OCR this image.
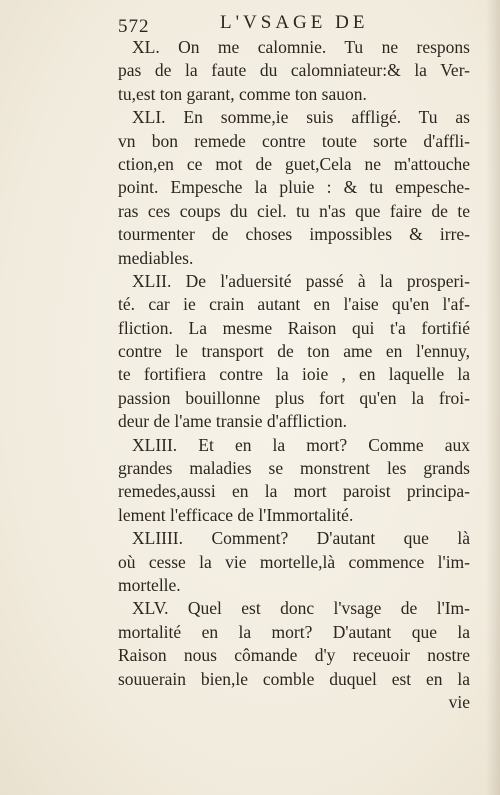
572	L'VSAGE DE
XL. On me calomnie. Tu ne respons
pas de la faute du calomniateur:& la Ver-
tu,est ton garant, comme ton sauon.
XLI. En somme,ie suis affligé. Tu as
vn bon remede contre toute sorte d'affli-
ction,en ce mot de guet,Cela ne m'attouche
point. Empesche la pluie : & tu empesche-
ras ces coups du ciel. tu n'as que faire de te
tourmenter de choses impossibles & irre-
mediables.
XLII. De l'aduersité passé à la prosperi-
té. car ie crain autant en l'aise qu'en l'af-
fliction. La mesme Raison qui t'a fortifié
contre le transport de ton ame en l'ennuy,
te fortifiera contre la ioie , en laquelle la
passion bouillonne plus fort qu'en la froi-
deur de l'ame transie d'affliction.
XLIII. Et en la mort? Comme aux
grandes maladies se monstrent les grands
remedes,aussi en la mort paroist principa-
lement l'efficace de l'Immortalité.
XLIIII. Comment? D'autant que là
où cesse la vie mortelle,là commence l'im-
mortelle.
XLV. Quel est donc l'vsage de l'Im-
mortalité en la mort? D'autant que la
Raison nous cômande d'y receuoir nostre
souuerain bien,le comble duquel est en la
vie
